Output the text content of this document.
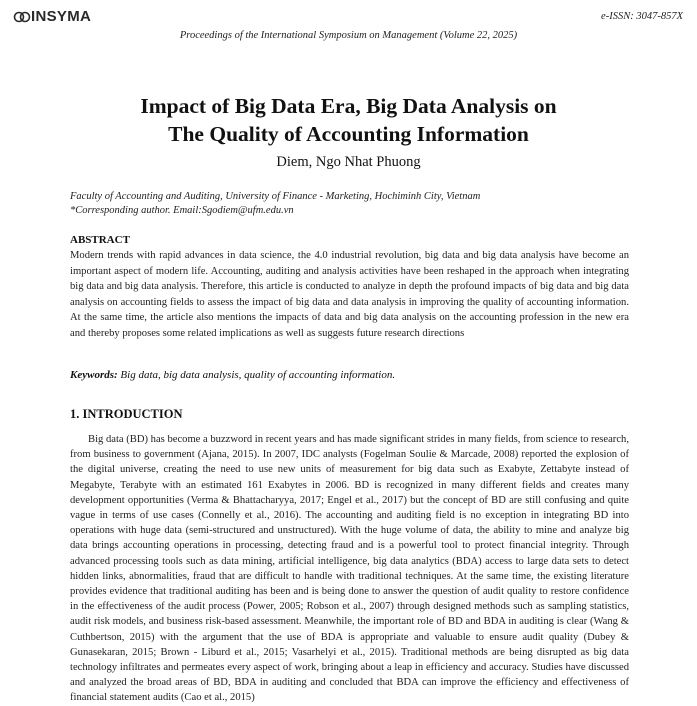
INSYMA	e-ISSN: 3047-857X
Proceedings of the International Symposium on Management (Volume 22, 2025)
Impact of Big Data Era, Big Data Analysis on
The Quality of Accounting Information
Diem, Ngo Nhat Phuong
Faculty of Accounting and Auditing, University of Finance - Marketing, Hochiminh City, Vietnam
*Corresponding author. Email:Sgodiem@ufm.edu.vn
ABSTRACT
Modern trends with rapid advances in data science, the 4.0 industrial revolution, big data and big data analysis have become an important aspect of modern life. Accounting, auditing and analysis activities have been reshaped in the approach when integrating big data and big data analysis. Therefore, this article is conducted to analyze in depth the profound impacts of big data and big data analysis on accounting fields to assess the impact of big data and data analysis in improving the quality of accounting information. At the same time, the article also mentions the impacts of data and big data analysis on the accounting profession in the new era and thereby proposes some related implications as well as suggests future research directions
Keywords: Big data, big data analysis, quality of accounting information.
1. INTRODUCTION
Big data (BD) has become a buzzword in recent years and has made significant strides in many fields, from science to research, from business to government (Ajana, 2015). In 2007, IDC analysts (Fogelman Soulie & Marcade, 2008) reported the explosion of the digital universe, creating the need to use new units of measurement for big data such as Exabyte, Zettabyte instead of Megabyte, Terabyte with an estimated 161 Exabytes in 2006. BD is recognized in many different fields and creates many development opportunities (Verma & Bhattacharyya, 2017; Engel et al., 2017) but the concept of BD are still confusing and quite vague in terms of use cases (Connelly et al., 2016). The accounting and auditing field is no exception in integrating BD into operations with huge data (semi-structured and unstructured). With the huge volume of data, the ability to mine and analyze big data brings accounting operations in processing, detecting fraud and is a powerful tool to protect financial integrity. Through advanced processing tools such as data mining, artificial intelligence, big data analytics (BDA) access to large data sets to detect hidden links, abnormalities, fraud that are difficult to handle with traditional techniques. At the same time, the existing literature provides evidence that traditional auditing has been and is being done to answer the question of audit quality to restore confidence in the effectiveness of the audit process (Power, 2005; Robson et al., 2007) through designed methods such as sampling statistics, audit risk models, and business risk-based assessment. Meanwhile, the important role of BD and BDA in auditing is clear (Wang & Cuthbertson, 2015) with the argument that the use of BDA is appropriate and valuable to ensure audit quality (Dubey & Gunasekaran, 2015; Brown - Liburd et al., 2015; Vasarhelyi et al., 2015). Traditional methods are being disrupted as big data technology infiltrates and permeates every aspect of work, bringing about a leap in efficiency and accuracy. Studies have discussed and analyzed the broad areas of BD, BDA in auditing and concluded that BDA can improve the efficiency and effectiveness of financial statement audits (Cao et al., 2015)
